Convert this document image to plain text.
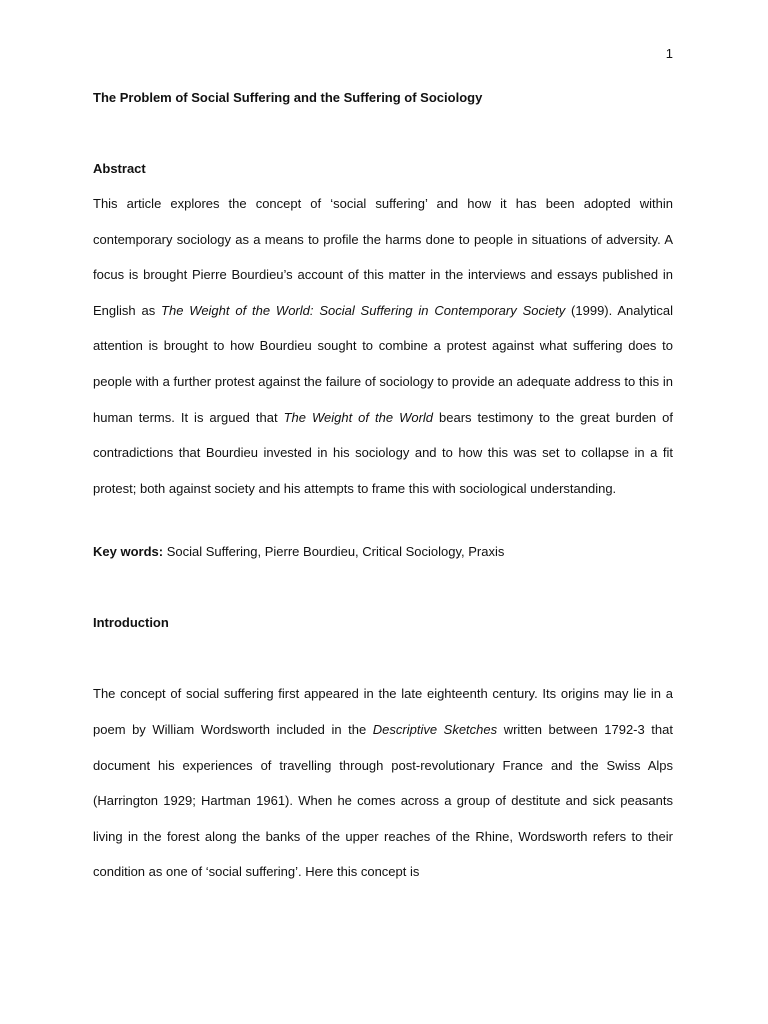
1

The Problem of Social Suffering and the Suffering of Sociology

Abstract

This article explores the concept of ‘social suffering’ and how it has been adopted within contemporary sociology as a means to profile the harms done to people in situations of adversity. A focus is brought Pierre Bourdieu’s account of this matter in the interviews and essays published in English as The Weight of the World: Social Suffering in Contemporary Society (1999). Analytical attention is brought to how Bourdieu sought to combine a protest against what suffering does to people with a further protest against the failure of sociology to provide an adequate address to this in human terms. It is argued that The Weight of the World bears testimony to the great burden of contradictions that Bourdieu invested in his sociology and to how this was set to collapse in a fit protest; both against society and his attempts to frame this with sociological understanding.

Key words: Social Suffering, Pierre Bourdieu, Critical Sociology, Praxis

Introduction

The concept of social suffering first appeared in the late eighteenth century. Its origins may lie in a poem by William Wordsworth included in the Descriptive Sketches written between 1792-3 that document his experiences of travelling through post-revolutionary France and the Swiss Alps (Harrington 1929; Hartman 1961). When he comes across a group of destitute and sick peasants living in the forest along the banks of the upper reaches of the Rhine, Wordsworth refers to their condition as one of ‘social suffering’. Here this concept is
